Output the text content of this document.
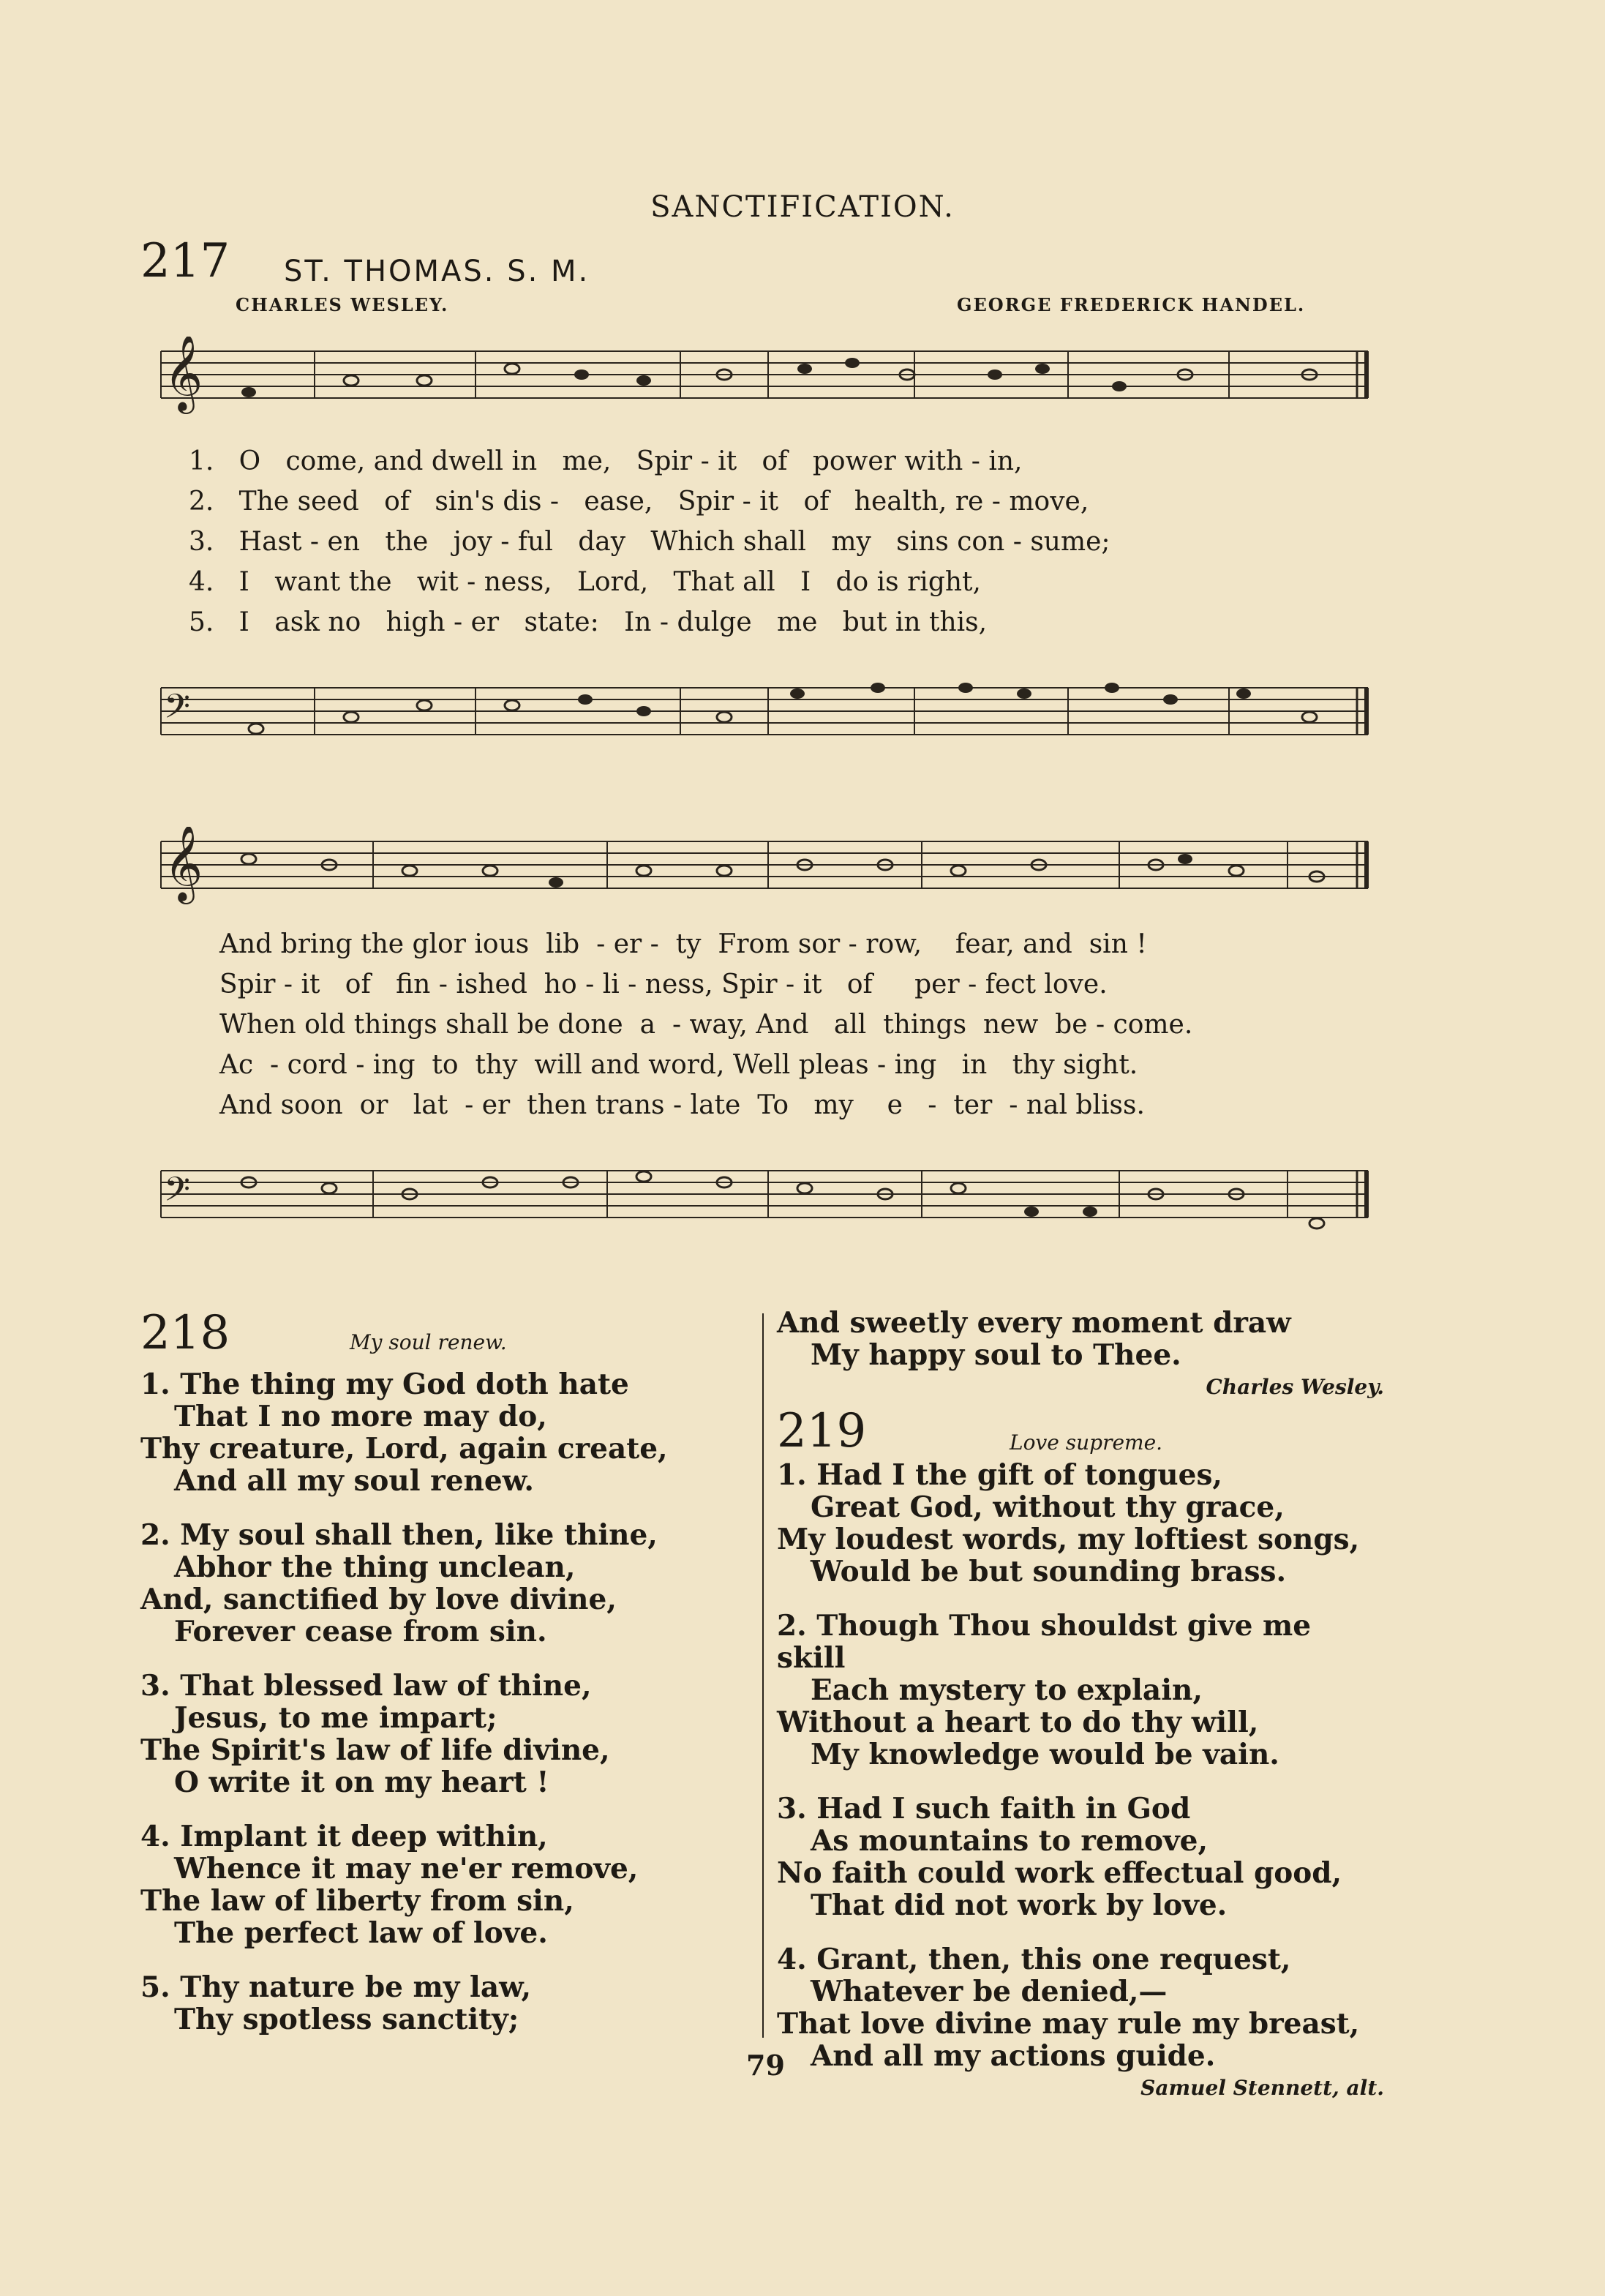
SANCTIFICATION.
217 ST. THOMAS. S. M.
CHARLES WESLEY.	GEORGE FREDERICK HANDEL.
𝄞
1.   O   come, and dwell in   me,   Spir - it   of   power with - in,
2.   The seed   of   sin's dis -   ease,   Spir - it   of   health, re - move,
3.   Hast - en   the   joy - ful   day   Which shall   my   sins con - sume;
4.   I   want the   wit - ness,   Lord,   That all   I   do is right,
5.   I   ask no   high - er   state:   In - dulge   me   but in this,
𝄢
𝄞
And bring the glor ious  lib  - er -  ty  From sor - row,    fear, and  sin !
Spir - it   of   fin - ished  ho - li - ness, Spir - it   of     per - fect love.
When old things shall be done  a  - way, And   all  things  new  be - come.
Ac  - cord - ing  to  thy  will and word, Well pleas - ing   in   thy sight.
And soon  or   lat  - er  then trans - late  To   my    e   -  ter  - nal bliss.
𝄢
218	My soul renew.
1. The thing my God doth hate
That I no more may do,
Thy creature, Lord, again create,
And all my soul renew.
2. My soul shall then, like thine,
Abhor the thing unclean,
And, sanctified by love divine,
Forever cease from sin.
3. That blessed law of thine,
Jesus, to me impart;
The Spirit's law of life divine,
O write it on my heart !
4. Implant it deep within,
Whence it may ne'er remove,
The law of liberty from sin,
The perfect law of love.
5. Thy nature be my law,
Thy spotless sanctity;
And sweetly every moment draw
My happy soul to Thee.
Charles Wesley.
219	Love supreme.
1. Had I the gift of tongues,
Great God, without thy grace,
My loudest words, my loftiest songs,
Would be but sounding brass.
2. Though Thou shouldst give me skill
Each mystery to explain,
Without a heart to do thy will,
My knowledge would be vain.
3. Had I such faith in God
As mountains to remove,
No faith could work effectual good,
That did not work by love.
4. Grant, then, this one request,
Whatever be denied,—
That love divine may rule my breast,
And all my actions guide.
Samuel Stennett, alt.
79
